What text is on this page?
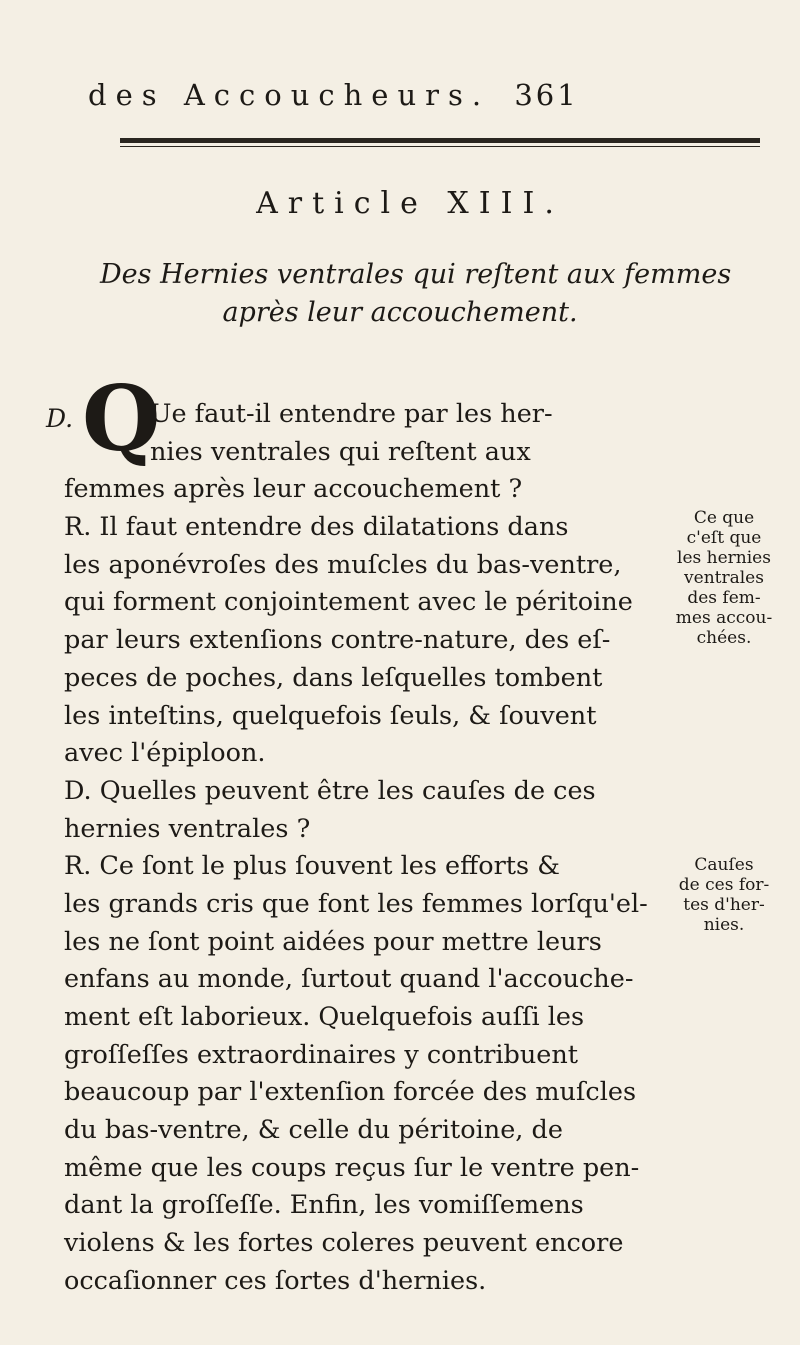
des Accoucheurs. 361
Article XIII.
Des Hernies ventrales qui reſtent aux femmes
après leur accouchement.
D. Q
Ue faut-il entendre par les her-
nies ventrales qui reſtent aux
femmes après leur accouchement ?
R. Il faut entendre des dilatations dans
les aponévroſes des muſcles du bas-ventre,
qui forment conjointement avec le péritoine
par leurs extenſions contre-nature, des eſ-
peces de poches, dans leſquelles tombent
les inteſtins, quelquefois ſeuls, & ſouvent
avec l'épiploon.
D. Quelles peuvent être les cauſes de ces
hernies ventrales ?
R. Ce ſont le plus ſouvent les efforts &
les grands cris que font les femmes lorſqu'el-
les ne ſont point aidées pour mettre leurs
enfans au monde, ſurtout quand l'accouche-
ment eſt laborieux. Quelquefois auſſi les
groſſeſſes extraordinaires y contribuent
beaucoup par l'extenſion forcée des muſcles
du bas-ventre, & celle du péritoine, de
même que les coups reçus ſur le ventre pen-
dant la groſſeſſe. Enfin, les vomiſſemens
violens & les fortes coleres peuvent encore
occaſionner ces ſortes d'hernies.
Ce que
c'eſt que
les hernies
ventrales
des fem-
mes accou-
chées.
Cauſes
de ces for-
tes d'her-
nies.
